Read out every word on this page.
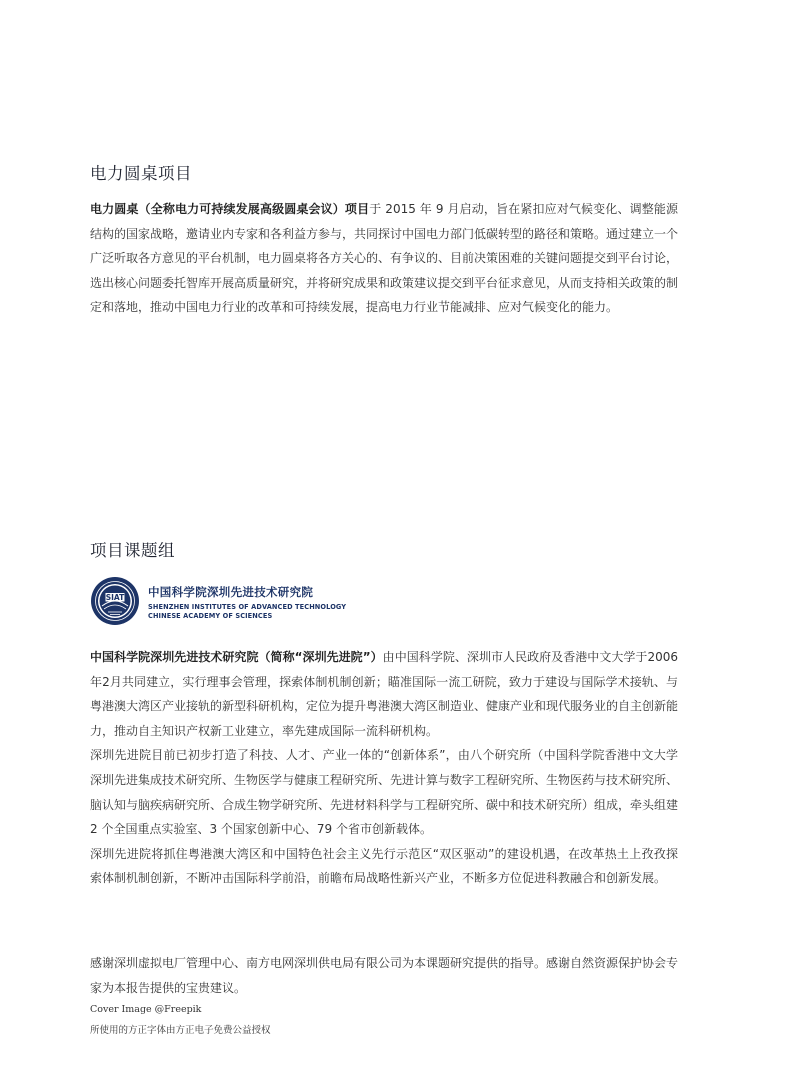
电力圆桌项目

电力圆桌（全称电力可持续发展高级圆桌会议）项目于 2015 年 9 月启动，旨在紧扣应对气候变化、调整能源结构的国家战略，邀请业内专家和各利益方参与，共同探讨中国电力部门低碳转型的路径和策略。通过建立一个广泛听取各方意见的平台机制，电力圆桌将各方关心的、有争议的、目前决策困难的关键问题提交到平台讨论，选出核心问题委托智库开展高质量研究，并将研究成果和政策建议提交到平台征求意见，从而支持相关政策的制定和落地，推动中国电力行业的改革和可持续发展，提高电力行业节能减排、应对气候变化的能力。

项目课题组
SIAT 中国科学院深圳先进技术研究院
SHENZHEN INSTITUTES OF ADVANCED TECHNOLOGY
CHINESE ACADEMY OF SCIENCES

中国科学院深圳先进技术研究院（简称“深圳先进院”）由中国科学院、深圳市人民政府及香港中文大学于2006年2月共同建立，实行理事会管理，探索体制机制创新；瞄准国际一流工研院，致力于建设与国际学术接轨、与粤港澳大湾区产业接轨的新型科研机构，定位为提升粤港澳大湾区制造业、健康产业和现代服务业的自主创新能力，推动自主知识产权新工业建立，率先建成国际一流科研机构。

深圳先进院目前已初步打造了科技、人才、产业一体的“创新体系”，由八个研究所（中国科学院香港中文大学深圳先进集成技术研究所、生物医学与健康工程研究所、先进计算与数字工程研究所、生物医药与技术研究所、脑认知与脑疾病研究所、合成生物学研究所、先进材料科学与工程研究所、碳中和技术研究所）组成，牵头组建 2 个全国重点实验室、3 个国家创新中心、79 个省市创新载体。

深圳先进院将抓住粤港澳大湾区和中国特色社会主义先行示范区“双区驱动”的建设机遇，在改革热土上孜孜探索体制机制创新，不断冲击国际科学前沿，前瞻布局战略性新兴产业，不断多方位促进科教融合和创新发展。

感谢深圳虚拟电厂管理中心、南方电网深圳供电局有限公司为本课题研究提供的指导。感谢自然资源保护协会专家为本报告提供的宝贵建议。

Cover Image @Freepik
所使用的方正字体由方正电子免费公益授权
